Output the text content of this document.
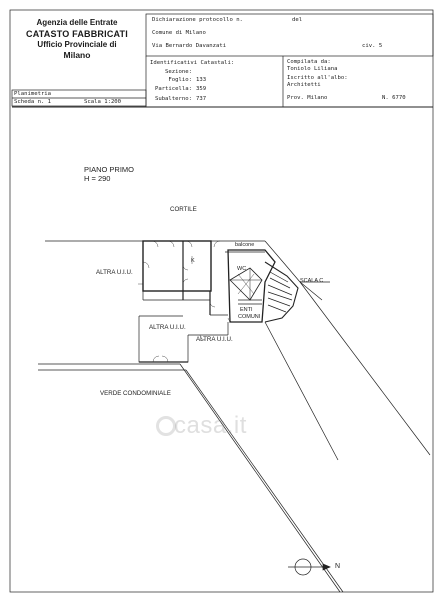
Agenzia delle Entrate
CATASTO FABBRICATI
Ufficio Provinciale di
Milano
Dichiarazione protocollo n.	del
Comune di Milano
Via Bernardo Davanzati	civ. 5
Identificativi Catastali:
Sezione:
Foglio: 133
Particella: 359
Subalterno: 737
Compilata da:
Toniolo Liliana
Iscritto all'albo:
Architetti
Prov. Milano	N. 6770
Planimetria
Scheda n. 1	Scala 1:200
PIANO PRIMO
H = 290
CORTILE
balcone
K
WC
SCALA C
ENTI
COMUNI
ALTRA U.I.U.
ALTRA U.I.U.
ALTRA U.I.U.
VERDE CONDOMINIALE
N
casa.it
